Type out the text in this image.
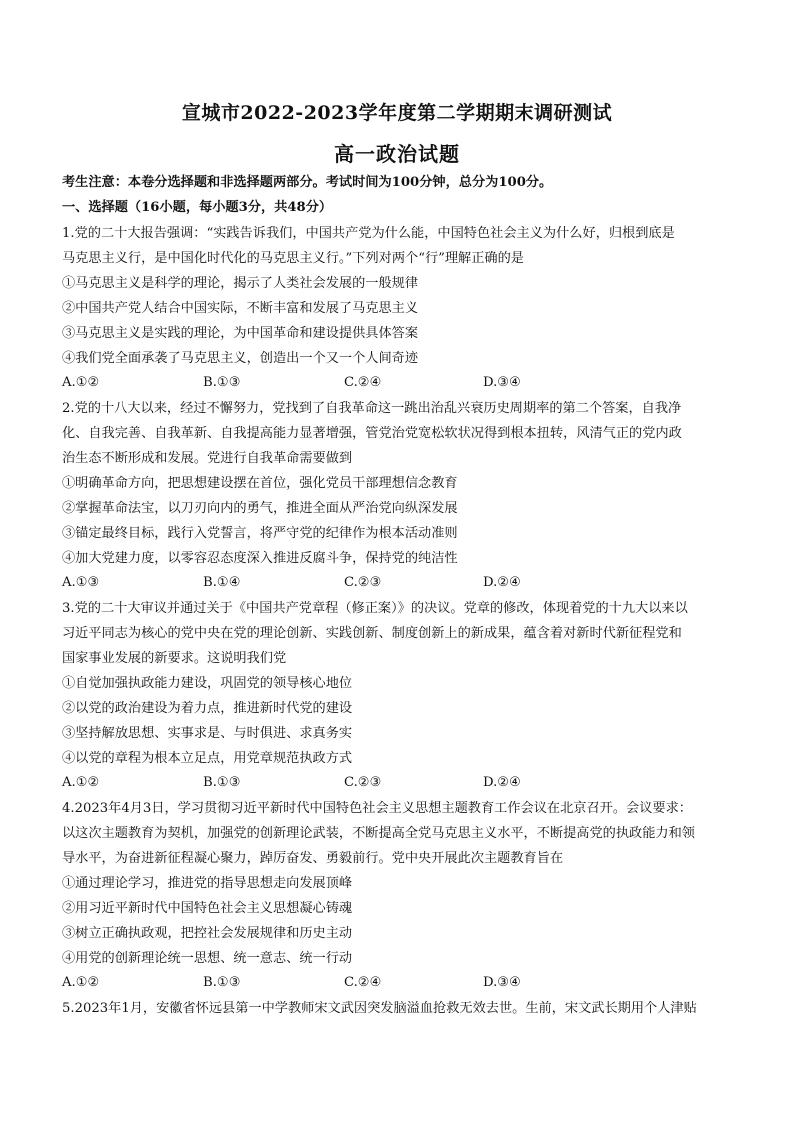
宣城市2022-2023学年度第二学期期末调研测试
高一政治试题
考生注意：本卷分选择题和非选择题两部分。考试时间为100分钟，总分为100分。
一、选择题（16小题，每小题3分，共48分）
1.党的二十大报告强调：“实践告诉我们，中国共产党为什么能，中国特色社会主义为什么好，归根到底是
马克思主义行，是中国化时代化的马克思主义行。”下列对两个“行”理解正确的是
①马克思主义是科学的理论，揭示了人类社会发展的一般规律
②中国共产党人结合中国实际，不断丰富和发展了马克思主义
③马克思主义是实践的理论，为中国革命和建设提供具体答案
④我们党全面承袭了马克思主义，创造出一个又一个人间奇迹
A.①②	B.①③	C.②④	D.③④
2.党的十八大以来，经过不懈努力，党找到了自我革命这一跳出治乱兴衰历史周期率的第二个答案，自我净
化、自我完善、自我革新、自我提高能力显著增强，管党治党宽松软状况得到根本扭转，风清气正的党内政
治生态不断形成和发展。党进行自我革命需要做到
①明确革命方向，把思想建设摆在首位，强化党员干部理想信念教育
②掌握革命法宝，以刀刃向内的勇气，推进全面从严治党向纵深发展
③锚定最终目标，践行入党誓言，将严守党的纪律作为根本活动准则
④加大党建力度，以零容忍态度深入推进反腐斗争，保持党的纯洁性
A.①③	B.①④	C.②③	D.②④
3.党的二十大审议并通过关于《中国共产党章程（修正案）》的决议。党章的修改，体现着党的十九大以来以
习近平同志为核心的党中央在党的理论创新、实践创新、制度创新上的新成果，蕴含着对新时代新征程党和
国家事业发展的新要求。这说明我们党
①自觉加强执政能力建设，巩固党的领导核心地位
②以党的政治建设为着力点，推进新时代党的建设
③坚持解放思想、实事求是、与时俱进、求真务实
④以党的章程为根本立足点，用党章规范执政方式
A.①②	B.①③	C.②③	D.②④
4.2023年4月3日，学习贯彻习近平新时代中国特色社会主义思想主题教育工作会议在北京召开。会议要求：
以这次主题教育为契机，加强党的创新理论武装，不断提高全党马克思主义水平，不断提高党的执政能力和领
导水平，为奋进新征程凝心聚力，踔厉奋发、勇毅前行。党中央开展此次主题教育旨在
①通过理论学习，推进党的指导思想走向发展顶峰
②用习近平新时代中国特色社会主义思想凝心铸魂
③树立正确执政观，把控社会发展规律和历史主动
④用党的创新理论统一思想、统一意志、统一行动
A.①②	B.①③	C.②④	D.③④
5.2023年1月，安徽省怀远县第一中学教师宋文武因突发脑溢血抢救无效去世。生前，宋文武长期用个人津贴
